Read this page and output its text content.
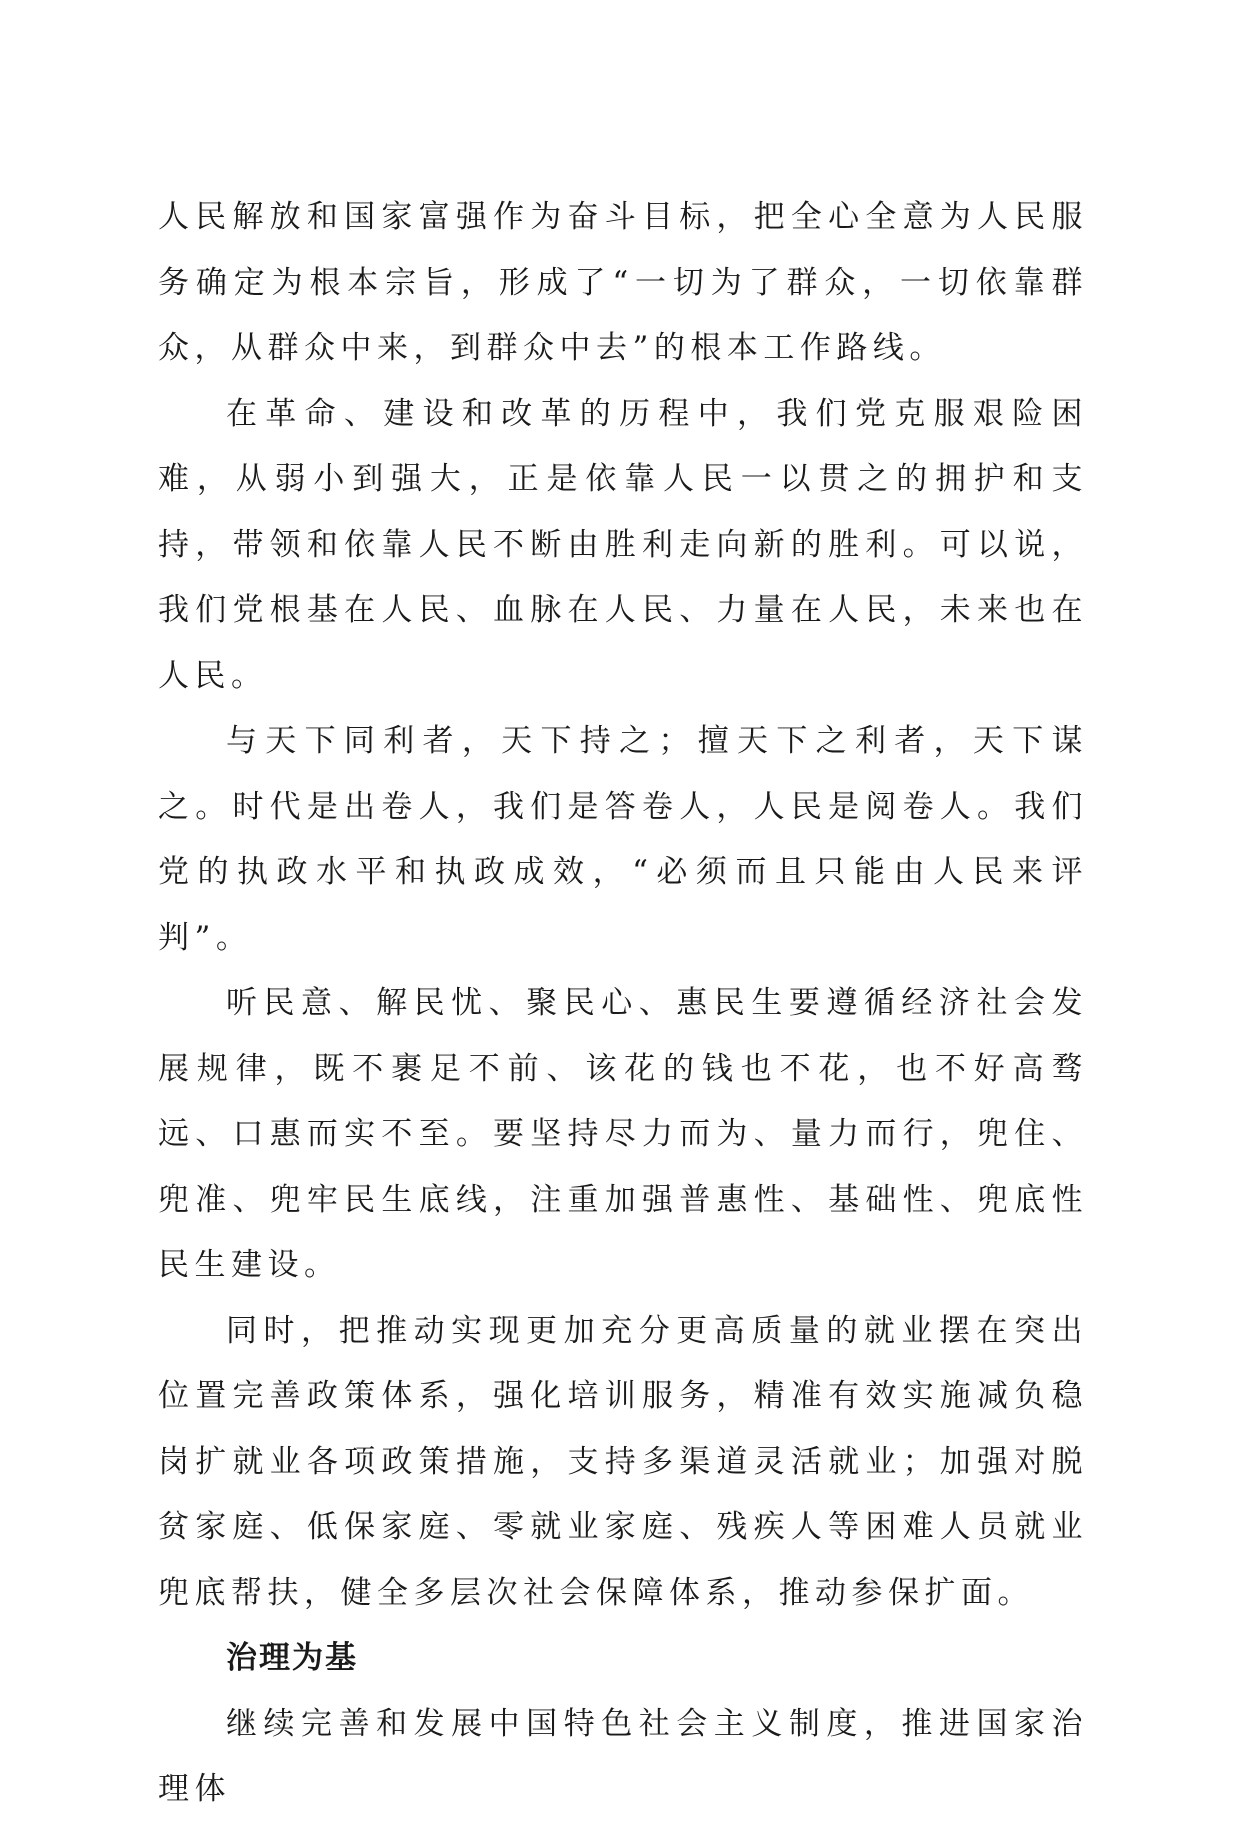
人民解放和国家富强作为奋斗目标，把全心全意为人民服务确定为根本宗旨，形成了“一切为了群众，一切依靠群众，从群众中来，到群众中去”的根本工作路线。

在革命、建设和改革的历程中，我们党克服艰险困难，从弱小到强大，正是依靠人民一以贯之的拥护和支持，带领和依靠人民不断由胜利走向新的胜利。可以说，我们党根基在人民、血脉在人民、力量在人民，未来也在人民。

与天下同利者，天下持之；擅天下之利者，天下谋之。时代是出卷人，我们是答卷人，人民是阅卷人。我们党的执政水平和执政成效，“必须而且只能由人民来评判”。

听民意、解民忧、聚民心、惠民生要遵循经济社会发展规律，既不裹足不前、该花的钱也不花，也不好高骛远、口惠而实不至。要坚持尽力而为、量力而行，兜住、兜准、兜牢民生底线，注重加强普惠性、基础性、兜底性民生建设。

同时，把推动实现更加充分更高质量的就业摆在突出位置完善政策体系，强化培训服务，精准有效实施减负稳岗扩就业各项政策措施，支持多渠道灵活就业；加强对脱贫家庭、低保家庭、零就业家庭、残疾人等困难人员就业兜底帮扶，健全多层次社会保障体系，推动参保扩面。

治理为基

继续完善和发展中国特色社会主义制度，推进国家治理体
